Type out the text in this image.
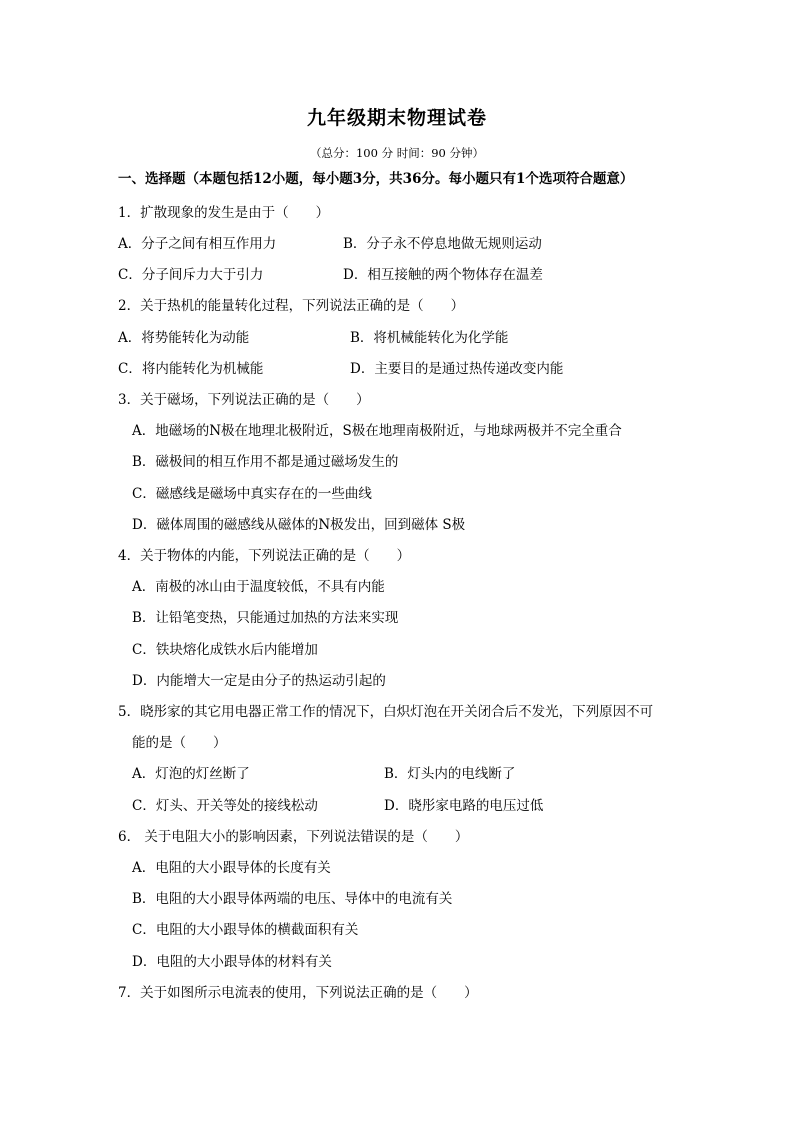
九年级期末物理试卷
（总分：100 分 时间：90 分钟）
一、选择题（本题包括12小题，每小题3分，共36分。每小题只有1个选项符合题意）
1．扩散现象的发生是由于（　　）
A．分子之间有相互作用力	B．分子永不停息地做无规则运动
C．分子间斥力大于引力	D．相互接触的两个物体存在温差
2．关于热机的能量转化过程，下列说法正确的是（　　）
A．将势能转化为动能	B．将机械能转化为化学能
C．将内能转化为机械能	D．主要目的是通过热传递改变内能
3．关于磁场，下列说法正确的是（　　）
A．地磁场的N极在地理北极附近，S极在地理南极附近，与地球两极并不完全重合
B．磁极间的相互作用不都是通过磁场发生的
C．磁感线是磁场中真实存在的一些曲线
D．磁体周围的磁感线从磁体的N极发出，回到磁体 S极
4．关于物体的内能，下列说法正确的是（　　）
A．南极的冰山由于温度较低，不具有内能
B．让铅笔变热，只能通过加热的方法来实现
C．铁块熔化成铁水后内能增加
D．内能增大一定是由分子的热运动引起的
5．晓彤家的其它用电器正常工作的情况下，白炽灯泡在开关闭合后不发光，下列原因不可
能的是（　　）
A．灯泡的灯丝断了	B．灯头内的电线断了
C．灯头、开关等处的接线松动	D．晓彤家电路的电压过低
6． 关于电阻大小的影响因素，下列说法错误的是（　　）
A．电阻的大小跟导体的长度有关
B．电阻的大小跟导体两端的电压、导体中的电流有关
C．电阻的大小跟导体的横截面积有关
D．电阻的大小跟导体的材料有关
7．关于如图所示电流表的使用，下列说法正确的是（　　）
